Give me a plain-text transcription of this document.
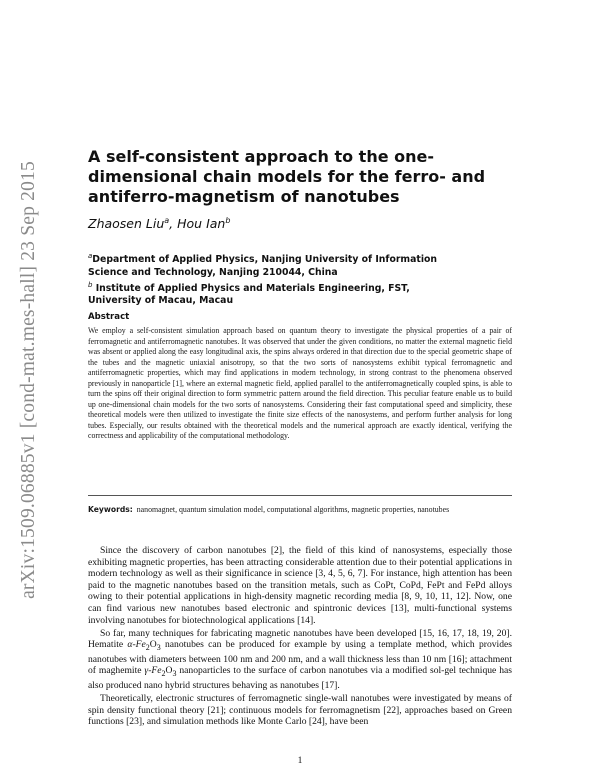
arXiv:1509.06885v1 [cond-mat.mes-hall] 23 Sep 2015
A self-consistent approach to the one-dimensional chain models for the ferro- and antiferro-magnetism of nanotubes
Zhaosen Liu$^a$, Hou Ian$^b$
$^a$Department of Applied Physics, Nanjing University of Information
Science and Technology, Nanjing 210044, China
$^b$ Institute of Applied Physics and Materials Engineering, FST,
University of Macau, Macau
Abstract

We employ a self-consistent simulation approach based on quantum theory to investigate the physical properties of a pair of ferromagnetic and antiferromagnetic nanotubes. It was observed that under the given conditions, no matter the external magnetic field was absent or applied along the easy longitudinal axis, the spins always ordered in that direction due to the special geometric shape of the tubes and the magnetic uniaxial anisotropy, so that the two sorts of nanosystems exhibit typical ferromagnetic and antiferromagnetic properties, which may find applications in modern technology, in strong contrast to the phenomena observed previously in nanoparticle [1], where an external magnetic field, applied parallel to the antiferromagnetically coupled spins, is able to turn the spins off their original direction to form symmetric pattern around the field direction. This peculiar feature enable us to build up one-dimensional chain models for the two sorts of nanosystems. Considering their fast computational speed and simplicity, these theoretical models were then utilized to investigate the finite size effects of the nanosystems, and perform further analysis for long tubes. Especially, our results obtained with the theoretical models and the numerical approach are exactly identical, verifying the correctness and applicability of the computational methodology.

Keywords: nanomagnet, quantum simulation model, computational algorithms, magnetic properties, nanotubes

Since the discovery of carbon nanotubes [2], the field of this kind of nanosystems, especially those exhibiting magnetic properties, has been attracting considerable attention due to their potential applications in modern technology as well as their significance in science [3, 4, 5, 6, 7]. For instance, high attention has been paid to the magnetic nanotubes based on the transition metals, such as CoPt, CoPd, FePt and FePd alloys owing to their potential applications in high-density magnetic recording media [8, 9, 10, 11, 12]. Now, one can find various new nanotubes based electronic and spintronic devices [13], multi-functional systems involving nanotubes for biotechnological applications [14].

So far, many techniques for fabricating magnetic nanotubes have been developed [15, 16, 17, 18, 19, 20]. Hematite $\alpha-Fe_2O_3$ nanotubes can be produced for example by using a template method, which provides nanotubes with diameters between 100 nm and 200 nm, and a wall thickness less than 10 nm [16]; attachment of maghemite $\gamma-Fe_2O_3$ nanoparticles to the surface of carbon nanotubes via a modified sol-gel technique has also produced nano hybrid structures behaving as nanotubes [17].

Theoretically, electronic structures of ferromagnetic single-wall nanotubes were investigated by means of spin density functional theory [21]; continuous models for ferromagnetism [22], approaches based on Green functions [23], and simulation methods like Monte Carlo [24], have been

1
